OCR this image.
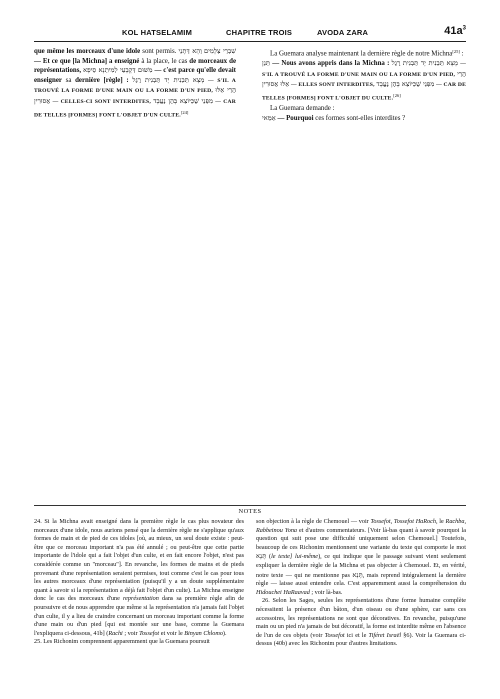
KOL HATSELAMIM	CHAPITRE TROIS	AVODA ZARA	$41a^3$

que même les morceaux d'une idole sont permis. וְהָא דְּתָנֵי שִׁבְרֵי צְלָמִים — Et ce que [la Michna] a enseigné à la place, le cas de morceaux de représentations, מִשּׁוּם דְּקָבָעֵי לְמִיתְנָא סֵיפָא — c'est parce qu'elle devait enseigner sa dernière [règle] : מָצָא תַּבְנִית יָד תַּבְנִית רֶגֶל — S'IL A TROUVÉ LA FORME D'UNE MAIN OU LA FORME D'UN PIED, הֲרֵי אֵלּוּ אֲסוּרִין — CELLES-CI SONT INTERDITES, מִפְּנֵי שֶׁכַּיּוֹצֵא בָּהֶן נֶעֱבָד — CAR DE TELLES [FORMES] FONT L'OBJET D'UN CULTE.[24]

La Guemara analyse maintenant la dernière règle de notre Michna[25] :

תְּנַן — Nous avons appris dans la Michna : מָצָא תַּבְנִית יָד תַּבְנִית רֶגֶל — S'IL A TROUVÉ LA FORME D'UNE MAIN OU LA FORME D'UN PIED, הֲרֵי אֵלּוּ אֲסוּרִין — ELLES SONT INTERDITES, מִפְּנֵי שֶׁכַּיּוֹצֵא בָּהֶן נֶעֱבָד — CAR DE TELLES [FORMES] FONT L'OBJET DU CULTE.[26]

La Guemara demande :

אַמַּאי — Pourquoi ces formes sont-elles interdites ?

NOTES

24. Si la Michna avait enseigné dans la première règle le cas plus novateur des morceaux d'une idole, nous aurions pensé que la dernière règle ne s'applique qu'aux formes de main et de pied de ces idoles [où, au mieux, un seul doute existe : peut-être que ce morceau important n'a pas été annulé ; ou peut-être que cette partie importante de l'idole qui a fait l'objet d'un culte, et en fait encore l'objet, n'est pas considérée comme un "morceau"]. En revanche, les formes de mains et de pieds provenant d'une représentation seraient permises, tout comme c'est le cas pour tous les autres morceaux d'une représentation (puisqu'il y a un doute supplémentaire quant à savoir si la représentation a déjà fait l'objet d'un culte). La Michna enseigne donc le cas des morceaux d'une représentation dans sa première règle afin de poursuivre et de nous apprendre que même si la représentation n'a jamais fait l'objet d'un culte, il y a lieu de craindre concernant un morceau important comme la forme d'une main ou d'un pied [qui est montée sur une base, comme la Guemara l'expliquera ci-dessous, 41b] (Rachi ; voir Tossefot et voir le Binyan Chlomo).

25. Les Richonim comprennent apparemment que la Guemara poursuit

son objection à la règle de Chemouel — voir Tossefot, Tossefot HaRoch, le Rachba, Rabbeinou Yona et d'autres commentateurs. [Voir là-bas quant à savoir pourquoi la question qui suit pose une difficulté uniquement selon Chemouel.] Toutefois, beaucoup de ces Richonim mentionnent une variante du texte qui comporte le mot תָּנָא (le texte] lui-même), ce qui indique que le passage suivant vient seulement expliquer la dernière règle de la Michna et pas objecter à Chemouel. Et, en vérité, notre texte — qui ne mentionne pas תָּנָא, mais reprend intégralement la dernière règle — laisse aussi entendre cela. C'est apparemment aussi la compréhension du Hidouchei HaRaavad ; voir là-bas.

26. Selon les Sages, seules les représentations d'une forme humaine complète nécessitent la présence d'un bâton, d'un oiseau ou d'une sphère, car sans ces accessoires, les représentations ne sont que décoratives. En revanche, puisqu'une main ou un pied n'a jamais de but décoratif, la forme est interdite même en l'absence de l'un de ces objets (voir Tossefot ici et le Tiféret Israël §6). Voir la Guemara ci-dessus (40b) avec les Richonim pour d'autres limitations.
